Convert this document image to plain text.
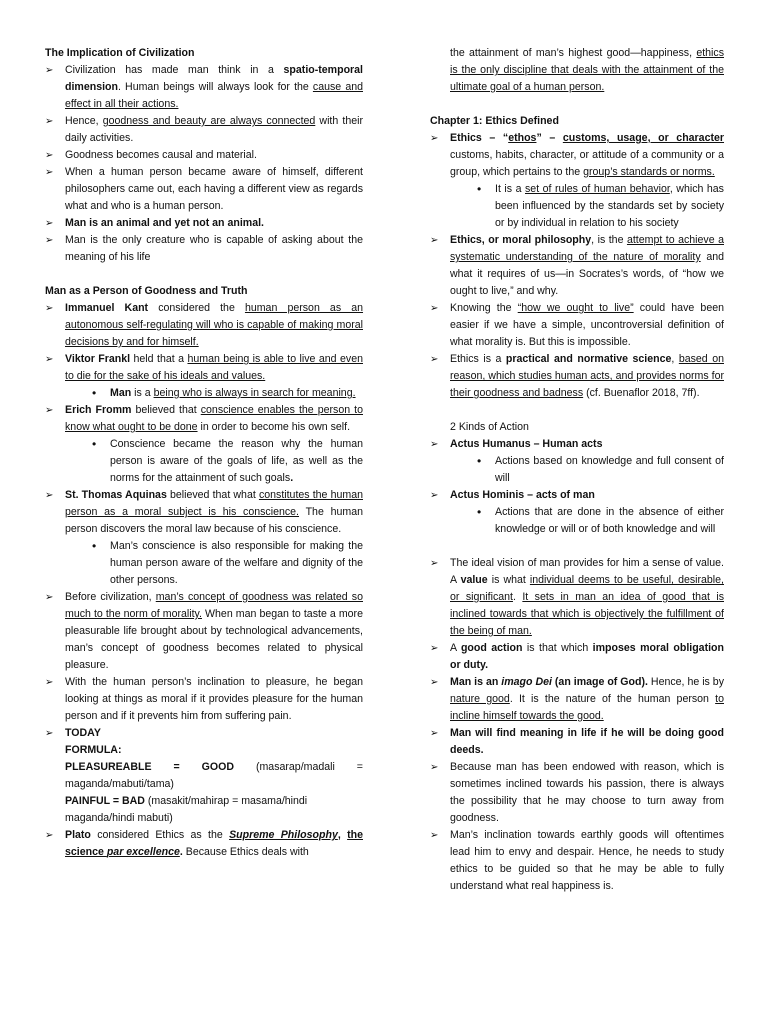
The Implication of Civilization
➢ Civilization has made man think in a spatio-temporal dimension. Human beings will always look for the cause and effect in all their actions.
➢ Hence, goodness and beauty are always connected with their daily activities.
➢ Goodness becomes causal and material.
➢ When a human person became aware of himself, different philosophers came out, each having a different view as regards what and who is a human person.
➢ Man is an animal and yet not an animal.
➢ Man is the only creature who is capable of asking about the meaning of his life
Man as a Person of Goodness and Truth
➢ Immanuel Kant considered the human person as an autonomous self-regulating will who is capable of making moral decisions by and for himself.
➢ Viktor Frankl held that a human being is able to live and even to die for the sake of his ideals and values.
• Man is a being who is always in search for meaning.
➢ Erich Fromm believed that conscience enables the person to know what ought to be done in order to become his own self.
• Conscience became the reason why the human person is aware of the goals of life, as well as the norms for the attainment of such goals.
➢ St. Thomas Aquinas believed that what constitutes the human person as a moral subject is his conscience. The human person discovers the moral law because of his conscience.
• Man’s conscience is also responsible for making the human person aware of the welfare and dignity of the other persons.
➢ Before civilization, man’s concept of goodness was related so much to the norm of morality. When man began to taste a more pleasurable life brought about by technological advancements, man’s concept of goodness becomes related to physical pleasure.
➢ With the human person’s inclination to pleasure, he began looking at things as moral if it provides pleasure for the human person and if it prevents him from suffering pain.
➢ TODAY
FORMULA:
PLEASUREABLE = GOOD (masarap/madali = maganda/mabuti/tama)
PAINFUL = BAD (masakit/mahirap = masama/hindi maganda/hindi mabuti)
➢ Plato considered Ethics as the Supreme Philosophy, the science par excellence. Because Ethics deals with
the attainment of man’s highest good—happiness, ethics is the only discipline that deals with the attainment of the ultimate goal of a human person.
Chapter 1: Ethics Defined
➢ Ethics – “ethos” – customs, usage, or character customs, habits, character, or attitude of a community or a group, which pertains to the group’s standards or norms.
• It is a set of rules of human behavior, which has been influenced by the standards set by society or by individual in relation to his society
➢ Ethics, or moral philosophy, is the attempt to achieve a systematic understanding of the nature of morality and what it requires of us—in Socrates’s words, of “how we ought to live,” and why.
➢ Knowing the “how we ought to live” could have been easier if we have a simple, uncontroversial definition of what morality is. But this is impossible.
➢ Ethics is a practical and normative science, based on reason, which studies human acts, and provides norms for their goodness and badness (cf. Buenaflor 2018, 7ff).
2 Kinds of Action
➢ Actus Humanus – Human acts
• Actions based on knowledge and full consent of will
➢ Actus Hominis – acts of man
• Actions that are done in the absence of either knowledge or will or of both knowledge and will
➢ The ideal vision of man provides for him a sense of value. A value is what individual deems to be useful, desirable, or significant. It sets in man an idea of good that is inclined towards that which is objectively the fulfillment of the being of man.
➢ A good action is that which imposes moral obligation or duty.
➢ Man is an imago Dei (an image of God). Hence, he is by nature good. It is the nature of the human person to incline himself towards the good.
➢ Man will find meaning in life if he will be doing good deeds.
➢ Because man has been endowed with reason, which is sometimes inclined towards his passion, there is always the possibility that he may choose to turn away from goodness.
➢ Man’s inclination towards earthly goods will oftentimes lead him to envy and despair. Hence, he needs to study ethics to be guided so that he may be able to fully understand what real happiness is.
